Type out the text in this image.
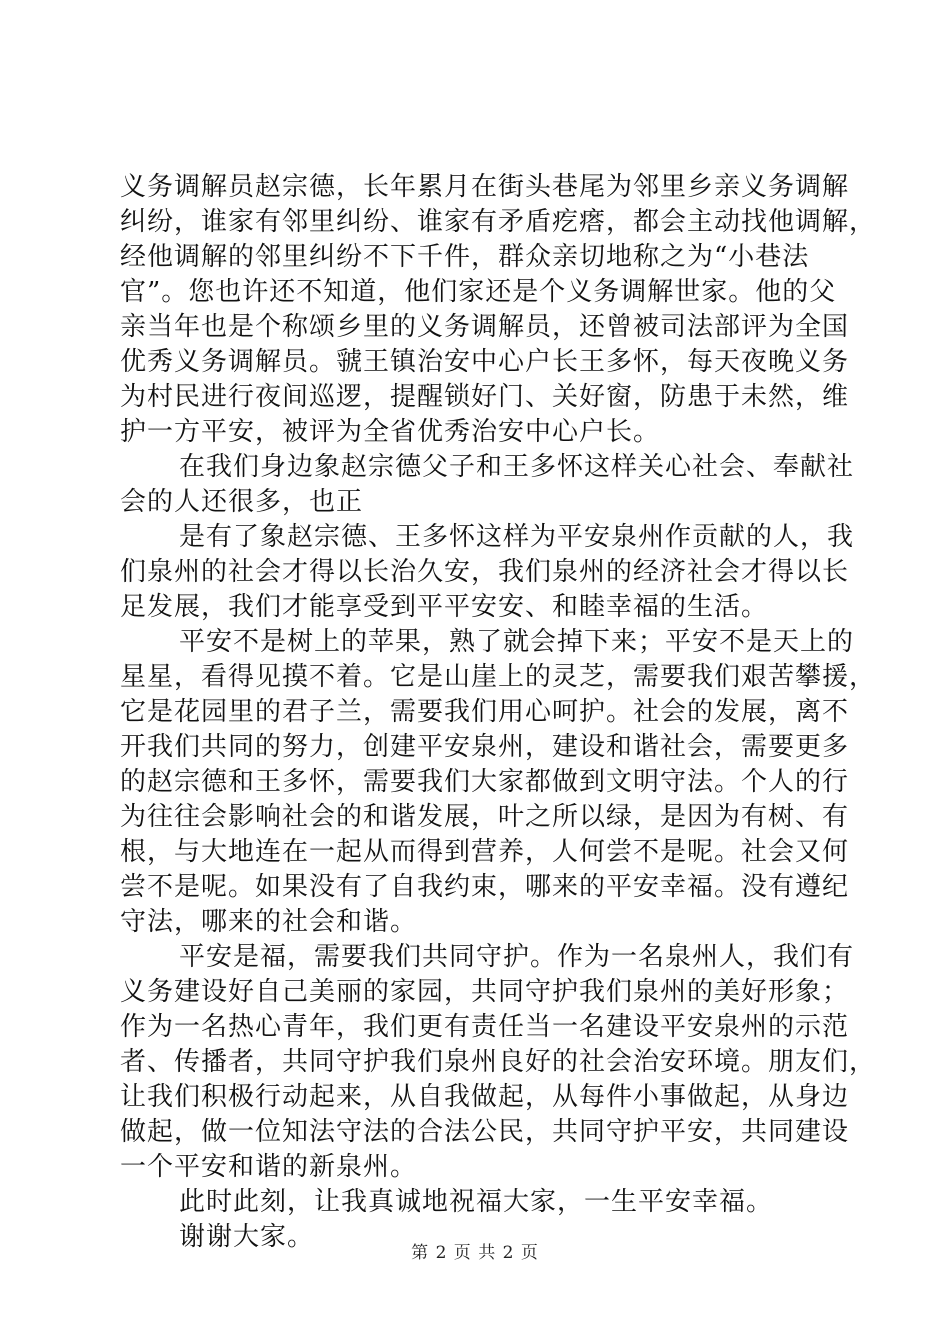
义务调解员赵宗德，长年累月在街头巷尾为邻里乡亲义务调解
纠纷，谁家有邻里纠纷、谁家有矛盾疙瘩，都会主动找他调解，
经他调解的邻里纠纷不下千件，群众亲切地称之为“小巷法
官”。您也许还不知道，他们家还是个义务调解世家。他的父
亲当年也是个称颂乡里的义务调解员，还曾被司法部评为全国
优秀义务调解员。虢王镇治安中心户长王多怀，每天夜晚义务
为村民进行夜间巡逻，提醒锁好门、关好窗，防患于未然，维
护一方平安，被评为全省优秀治安中心户长。

在我们身边象赵宗德父子和王多怀这样关心社会、奉献社
会的人还很多，也正

是有了象赵宗德、王多怀这样为平安泉州作贡献的人，我
们泉州的社会才得以长治久安，我们泉州的经济社会才得以长
足发展，我们才能享受到平平安安、和睦幸福的生活。

平安不是树上的苹果，熟了就会掉下来；平安不是天上的
星星，看得见摸不着。它是山崖上的灵芝，需要我们艰苦攀援，
它是花园里的君子兰，需要我们用心呵护。社会的发展，离不
开我们共同的努力，创建平安泉州，建设和谐社会，需要更多
的赵宗德和王多怀，需要我们大家都做到文明守法。个人的行
为往往会影响社会的和谐发展，叶之所以绿，是因为有树、有
根，与大地连在一起从而得到营养，人何尝不是呢。社会又何
尝不是呢。如果没有了自我约束，哪来的平安幸福。没有遵纪
守法，哪来的社会和谐。

平安是福，需要我们共同守护。作为一名泉州人，我们有
义务建设好自己美丽的家园，共同守护我们泉州的美好形象；
作为一名热心青年，我们更有责任当一名建设平安泉州的示范
者、传播者，共同守护我们泉州良好的社会治安环境。朋友们，
让我们积极行动起来，从自我做起，从每件小事做起，从身边
做起，做一位知法守法的合法公民，共同守护平安，共同建设
一个平安和谐的新泉州。

此时此刻，让我真诚地祝福大家，一生平安幸福。

谢谢大家。

第 2 页 共 2 页
